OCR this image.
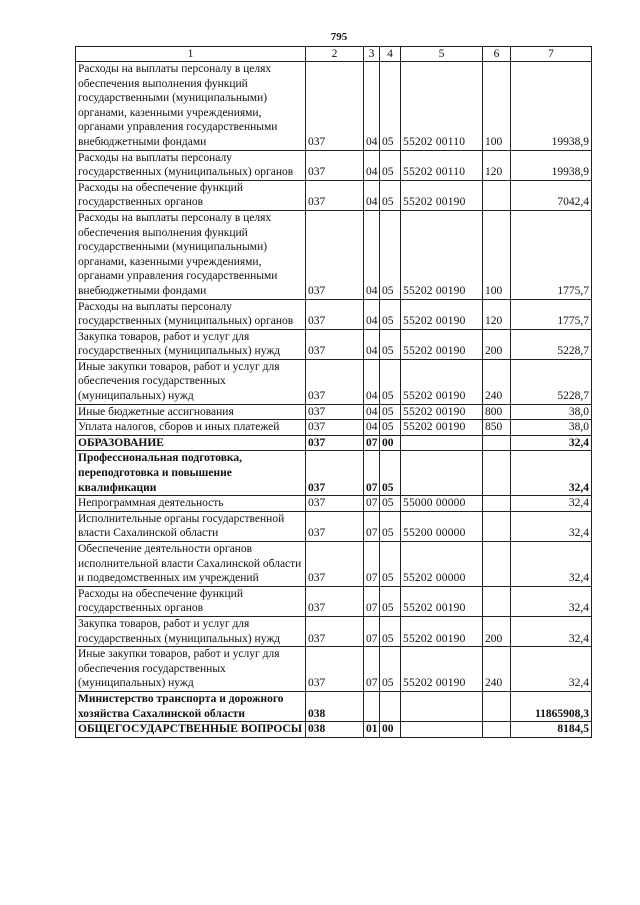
795
1	2	3	4	5	6	7
Расходы на выплаты персоналу в целях обеспечения выполнения функций государственными (муниципальными) органами, казенными учреждениями, органами управления государственными внебюджетными фондами	037	04	05	55202 00110	100	19938,9
Расходы на выплаты персоналу государственных (муниципальных) органов	037	04	05	55202 00110	120	19938,9
Расходы на обеспечение функций государственных органов	037	04	05	55202 00190		7042,4
Расходы на выплаты персоналу в целях обеспечения выполнения функций государственными (муниципальными) органами, казенными учреждениями, органами управления государственными внебюджетными фондами	037	04	05	55202 00190	100	1775,7
Расходы на выплаты персоналу государственных (муниципальных) органов	037	04	05	55202 00190	120	1775,7
Закупка товаров, работ и услуг для государственных (муниципальных) нужд	037	04	05	55202 00190	200	5228,7
Иные закупки товаров, работ и услуг для обеспечения государственных (муниципальных) нужд	037	04	05	55202 00190	240	5228,7
Иные бюджетные ассигнования	037	04	05	55202 00190	800	38,0
Уплата налогов, сборов и иных платежей	037	04	05	55202 00190	850	38,0
ОБРАЗОВАНИЕ	037	07	00			32,4
Профессиональная подготовка, переподготовка и повышение квалификации	037	07	05			32,4
Непрограммная деятельность	037	07	05	55000 00000		32,4
Исполнительные органы государственной власти Сахалинской области	037	07	05	55200 00000		32,4
Обеспечение деятельности органов исполнительной власти Сахалинской области и подведомственных им учреждений	037	07	05	55202 00000		32,4
Расходы на обеспечение функций государственных органов	037	07	05	55202 00190		32,4
Закупка товаров, работ и услуг для государственных (муниципальных) нужд	037	07	05	55202 00190	200	32,4
Иные закупки товаров, работ и услуг для обеспечения государственных (муниципальных) нужд	037	07	05	55202 00190	240	32,4
Министерство транспорта и дорожного хозяйства Сахалинской области	038					11865908,3
ОБЩЕГОСУДАРСТВЕННЫЕ ВОПРОСЫ	038	01	00			8184,5
